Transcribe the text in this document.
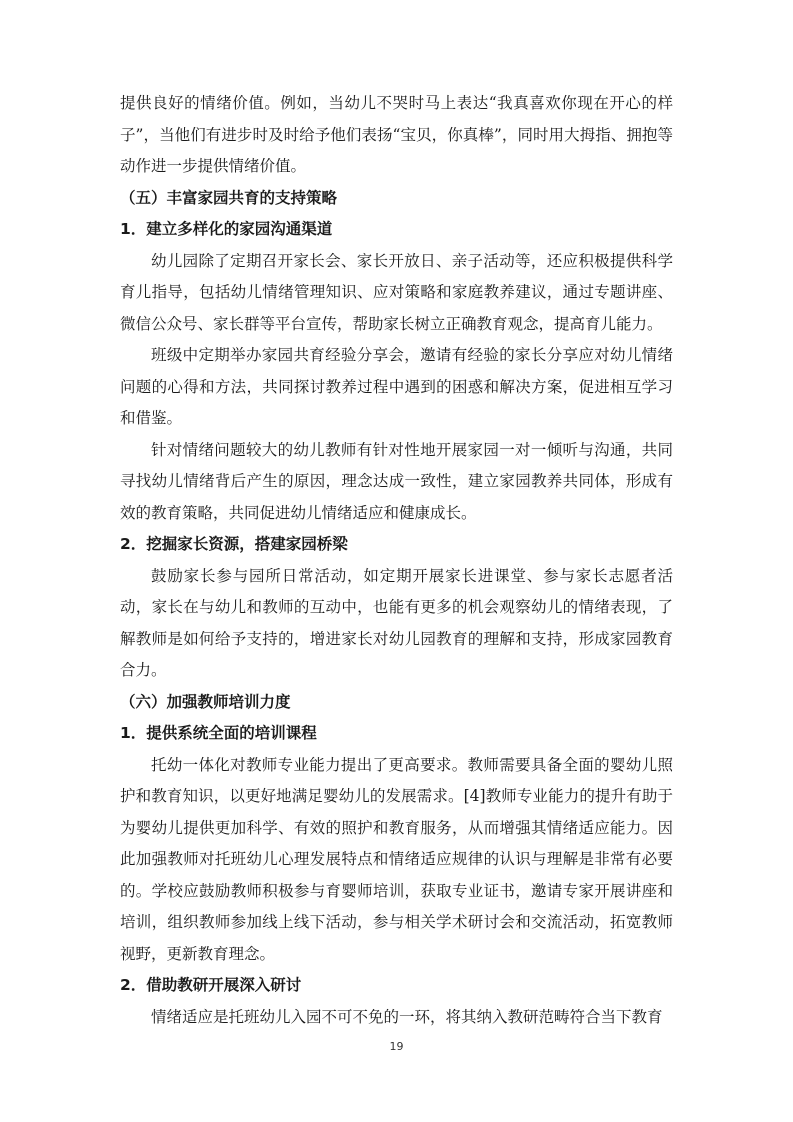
提供良好的情绪价值。例如，当幼儿不哭时马上表达“我真喜欢你现在开心的样子”，当他们有进步时及时给予他们表扬“宝贝，你真棒”，同时用大拇指、拥抱等动作进一步提供情绪价值。

（五）丰富家园共育的支持策略
1．建立多样化的家园沟通渠道

幼儿园除了定期召开家长会、家长开放日、亲子活动等，还应积极提供科学育儿指导，包括幼儿情绪管理知识、应对策略和家庭教养建议，通过专题讲座、微信公众号、家长群等平台宣传，帮助家长树立正确教育观念，提高育儿能力。

班级中定期举办家园共育经验分享会，邀请有经验的家长分享应对幼儿情绪问题的心得和方法，共同探讨教养过程中遇到的困惑和解决方案，促进相互学习和借鉴。

针对情绪问题较大的幼儿教师有针对性地开展家园一对一倾听与沟通，共同寻找幼儿情绪背后产生的原因，理念达成一致性，建立家园教养共同体，形成有效的教育策略，共同促进幼儿情绪适应和健康成长。

2．挖掘家长资源，搭建家园桥梁

鼓励家长参与园所日常活动，如定期开展家长进课堂、参与家长志愿者活动，家长在与幼儿和教师的互动中，也能有更多的机会观察幼儿的情绪表现，了解教师是如何给予支持的，增进家长对幼儿园教育的理解和支持，形成家园教育合力。

（六）加强教师培训力度
1．提供系统全面的培训课程

托幼一体化对教师专业能力提出了更高要求。教师需要具备全面的婴幼儿照护和教育知识，以更好地满足婴幼儿的发展需求。[4]教师专业能力的提升有助于为婴幼儿提供更加科学、有效的照护和教育服务，从而增强其情绪适应能力。因此加强教师对托班幼儿心理发展特点和情绪适应规律的认识与理解是非常有必要的。学校应鼓励教师积极参与育婴师培训，获取专业证书，邀请专家开展讲座和培训，组织教师参加线上线下活动，参与相关学术研讨会和交流活动，拓宽教师视野，更新教育理念。

2．借助教研开展深入研讨

情绪适应是托班幼儿入园不可不免的一环，将其纳入教研范畴符合当下教育

19
